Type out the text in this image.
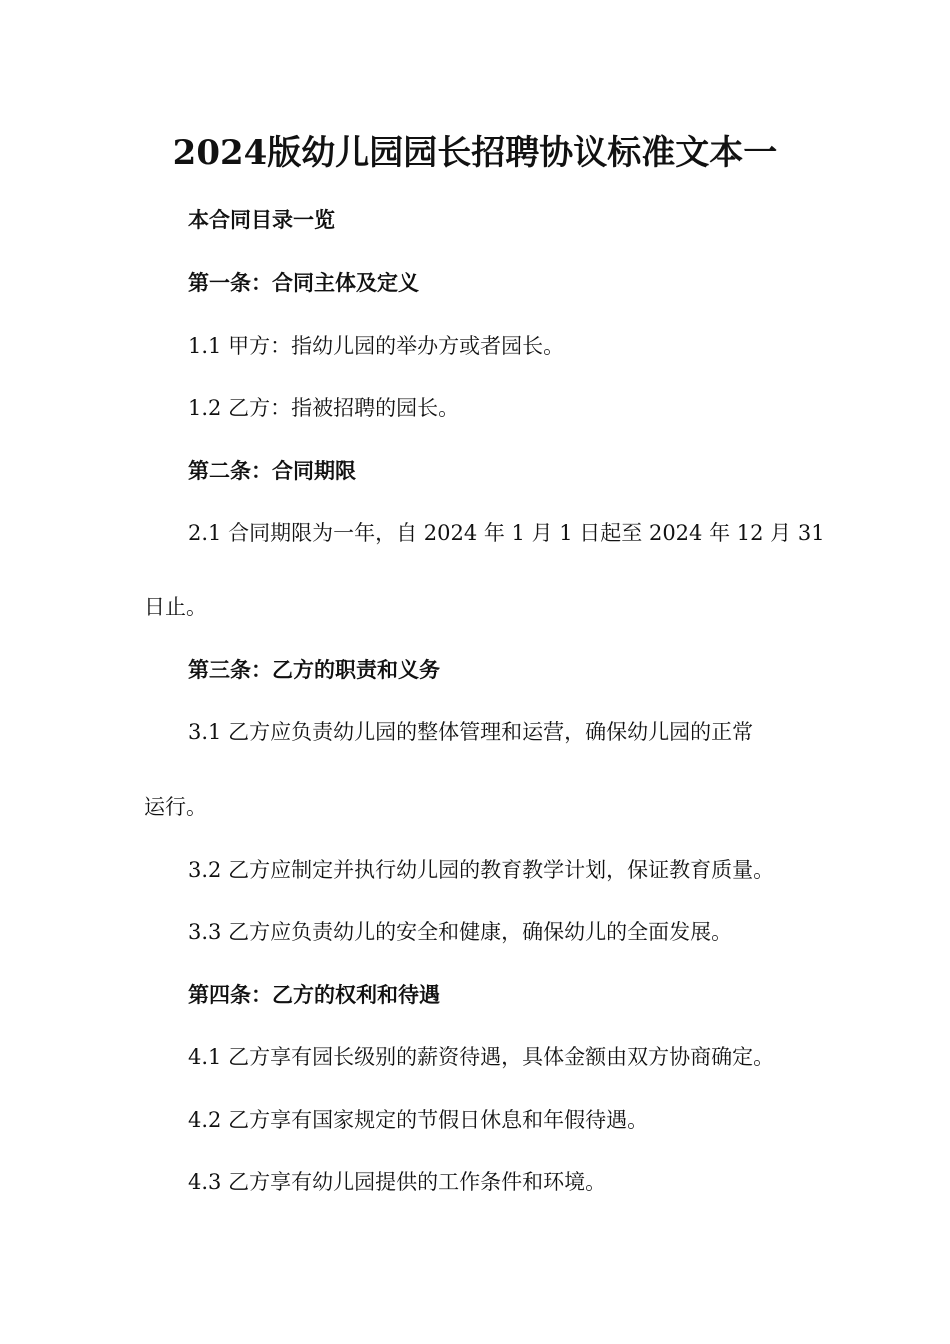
2024版幼儿园园长招聘协议标准文本一
本合同目录一览
第一条：合同主体及定义
1.1 甲方：指幼儿园的举办方或者园长。
1.2 乙方：指被招聘的园长。
第二条：合同期限
2.1 合同期限为一年，自 2024 年 1 月 1 日起至 2024 年 12 月 31
日止。
第三条：乙方的职责和义务
3.1 乙方应负责幼儿园的整体管理和运营，确保幼儿园的正常
运行。
3.2 乙方应制定并执行幼儿园的教育教学计划，保证教育质量。
3.3 乙方应负责幼儿的安全和健康，确保幼儿的全面发展。
第四条：乙方的权利和待遇
4.1 乙方享有园长级别的薪资待遇，具体金额由双方协商确定。
4.2 乙方享有国家规定的节假日休息和年假待遇。
4.3 乙方享有幼儿园提供的工作条件和环境。
